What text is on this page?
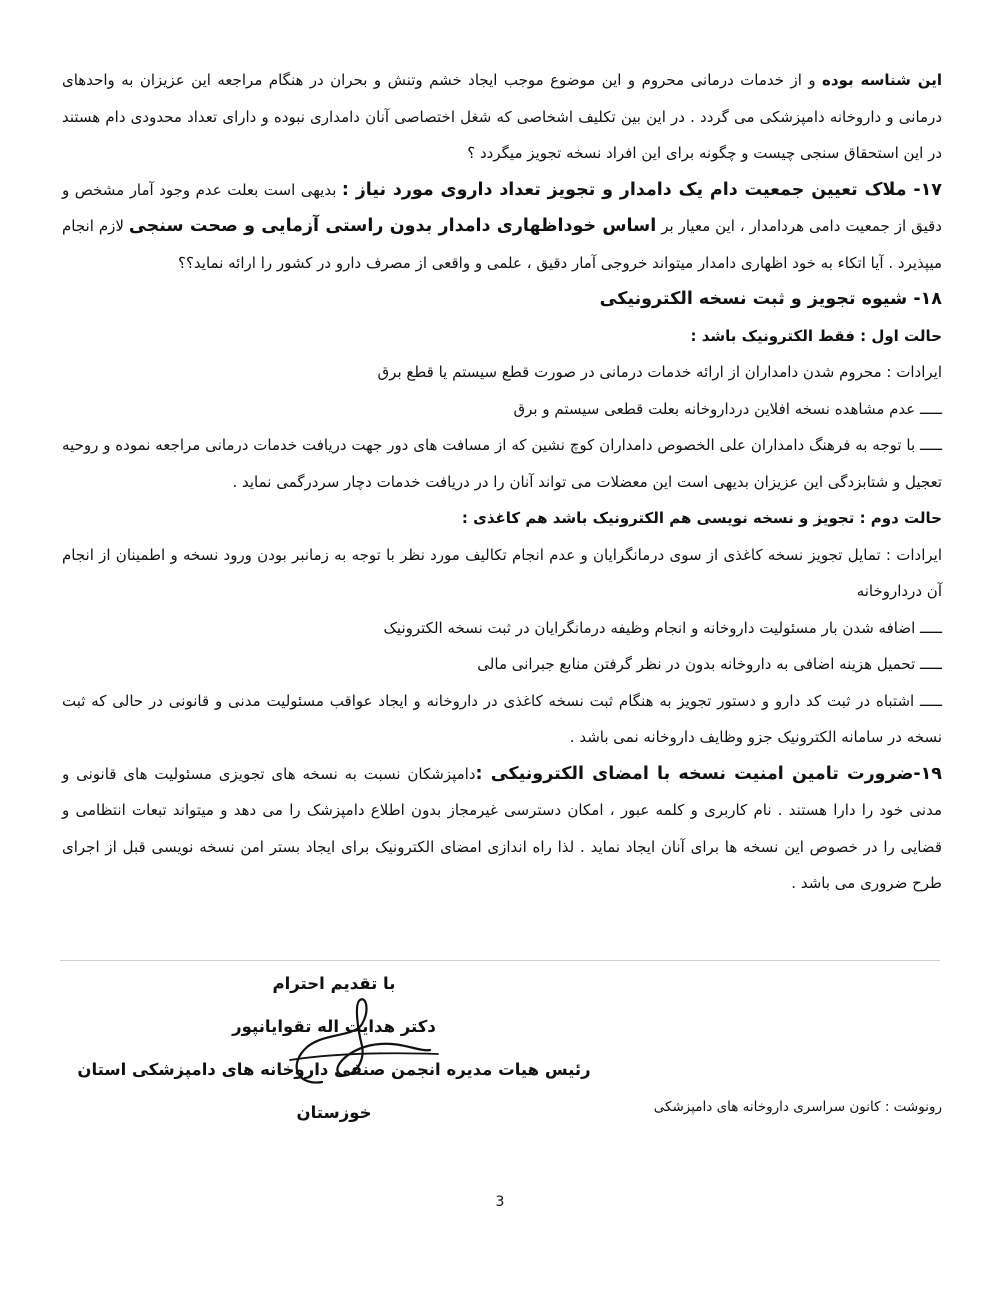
این شناسه بوده و از خدمات درمانی محروم و این موضوع موجب ایجاد خشم وتنش و بحران در هنگام مراجعه این عزیزان به واحدهای درمانی و داروخانه دامپزشکی می گردد . در این بین تکلیف اشخاصی که شغل اختصاصی آنان دامداری نبوده و دارای تعداد محدودی دام هستند در این استحقاق سنجی چیست و چگونه برای این افراد نسخه تجویز میگردد ؟

۱۷- ملاک تعیین جمعیت دام یک دامدار و تجویز تعداد داروی مورد نیاز : بدیهی است بعلت عدم وجود آمار مشخص و دقیق از جمعیت دامی هردامدار ، این معیار بر اساس خوداظهاری دامدار بدون راستی آزمایی و صحت سنجی لازم انجام میپذیرد . آیا اتکاء به خود اظهاری دامدار میتواند خروجی آمار دقیق ، علمی و واقعی از مصرف دارو در کشور را ارائه نماید؟؟

۱۸- شیوه تجویز و ثبت نسخه الکترونیکی

حالت اول : فقط الکترونیک باشد :

ایرادات : محروم شدن دامداران از ارائه خدمات درمانی در صورت قطع سیستم یا قطع برق

ـــــ عدم مشاهده نسخه افلاین درداروخانه بعلت قطعی سیستم و برق

ـــــ با توجه به فرهنگ دامداران علی الخصوص دامداران کوچ نشین که از مسافت های دور جهت دریافت خدمات درمانی مراجعه نموده و روحیه تعجیل و شتابزدگی این عزیزان بدیهی است این معضلات می تواند آنان را در دریافت خدمات دچار سردرگمی نماید .

حالت دوم : تجویز و نسخه نویسی هم الکترونیک باشد هم کاغذی :

ایرادات : تمایل تجویز نسخه کاغذی از سوی درمانگرایان و عدم انجام تکالیف مورد نظر با توجه به زمانبر بودن ورود نسخه و اطمینان از انجام آن درداروخانه

ـــــ اضافه شدن بار مسئولیت داروخانه و انجام وظیفه درمانگرایان در ثبت نسخه الکترونیک

ـــــ تحمیل هزینه اضافی به داروخانه بدون در نظر گرفتن منابع جبرانی مالی

ـــــ اشتباه در ثبت کد دارو و دستور تجویز به هنگام ثبت نسخه کاغذی در داروخانه و ایجاد عواقب مسئولیت مدنی و قانونی در حالی که ثبت نسخه در سامانه الکترونیک جزو وظایف داروخانه نمی باشد .

۱۹-ضرورت تامین امنیت نسخه با امضای الکترونیکی :دامپزشکان نسبت به نسخه های تجویزی مسئولیت های قانونی و مدنی خود را دارا هستند . نام کاربری و کلمه عبور ، امکان دسترسی غیرمجاز بدون اطلاع دامپزشک را می دهد و میتواند تبعات انتظامی و قضایی را در خصوص این نسخه ها برای آنان ایجاد نماید . لذا راه اندازی امضای الکترونیک برای ایجاد بستر امن نسخه نویسی قبل از اجرای طرح ضروری می باشد .

با تقدیم احترام
دکتر هدایت اله تقوایانپور
رئیس هیات مدیره انجمن صنفی داروخانه های دامپزشکی استان خوزستان	رونوشت : کانون سراسری داروخانه های دامپزشکی
3
